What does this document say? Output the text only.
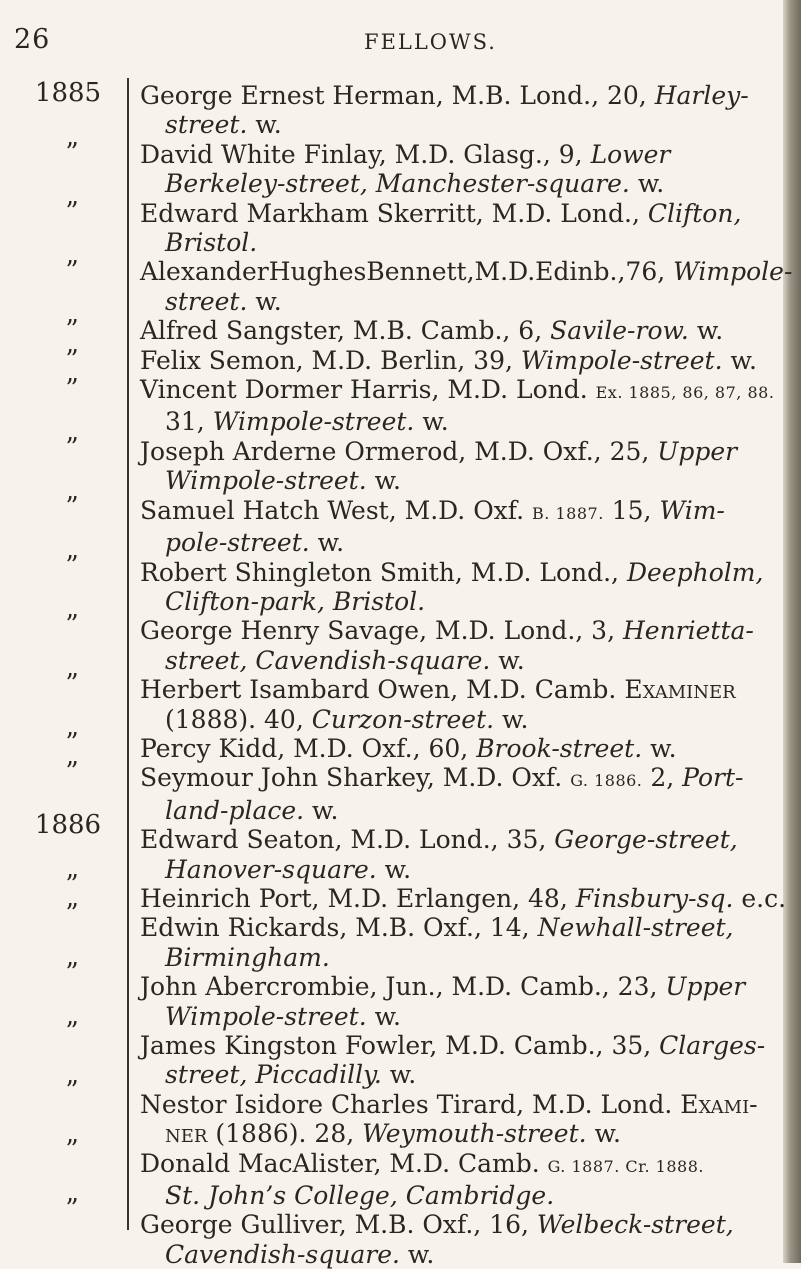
26	FELLOWS.
1885
”
”
”
”
”
”
”
”
”
”
”
”
”
1886
”
”
”
”
”
”
”
George Ernest Herman, M.B. Lond., 20, Harley-
street. w.
David White Finlay, M.D. Glasg., 9, Lower
Berkeley-street, Manchester-square. w.
Edward Markham Skerritt, M.D. Lond., Clifton,
Bristol.
AlexanderHughesBennett,M.D.Edinb.,76, Wimpole-
street. w.
Alfred Sangster, M.B. Camb., 6, Savile-row. w.
Felix Semon, M.D. Berlin, 39, Wimpole-street. w.
Vincent Dormer Harris, M.D. Lond. Ex. 1885, 86, 87, 88.
31, Wimpole-street. w.
Joseph Arderne Ormerod, M.D. Oxf., 25, Upper
Wimpole-street. w.
Samuel Hatch West, M.D. Oxf. B. 1887. 15, Wim-
pole-street. w.
Robert Shingleton Smith, M.D. Lond., Deepholm,
Clifton-park, Bristol.
George Henry Savage, M.D. Lond., 3, Henrietta-
street, Cavendish-square. w.
Herbert Isambard Owen, M.D. Camb. Examiner
(1888). 40, Curzon-street. w.
Percy Kidd, M.D. Oxf., 60, Brook-street. w.
Seymour John Sharkey, M.D. Oxf. G. 1886. 2, Port-
land-place. w.
Edward Seaton, M.D. Lond., 35, George-street,
Hanover-square. w.
Heinrich Port, M.D. Erlangen, 48, Finsbury-sq. e.c.
Edwin Rickards, M.B. Oxf., 14, Newhall-street,
Birmingham.
John Abercrombie, Jun., M.D. Camb., 23, Upper
Wimpole-street. w.
James Kingston Fowler, M.D. Camb., 35, Clarges-
street, Piccadilly. w.
Nestor Isidore Charles Tirard, M.D. Lond. Exami-
ner (1886). 28, Weymouth-street. w.
Donald MacAlister, M.D. Camb. G. 1887. Cr. 1888.
St. John’s College, Cambridge.
George Gulliver, M.B. Oxf., 16, Welbeck-street,
Cavendish-square. w.
